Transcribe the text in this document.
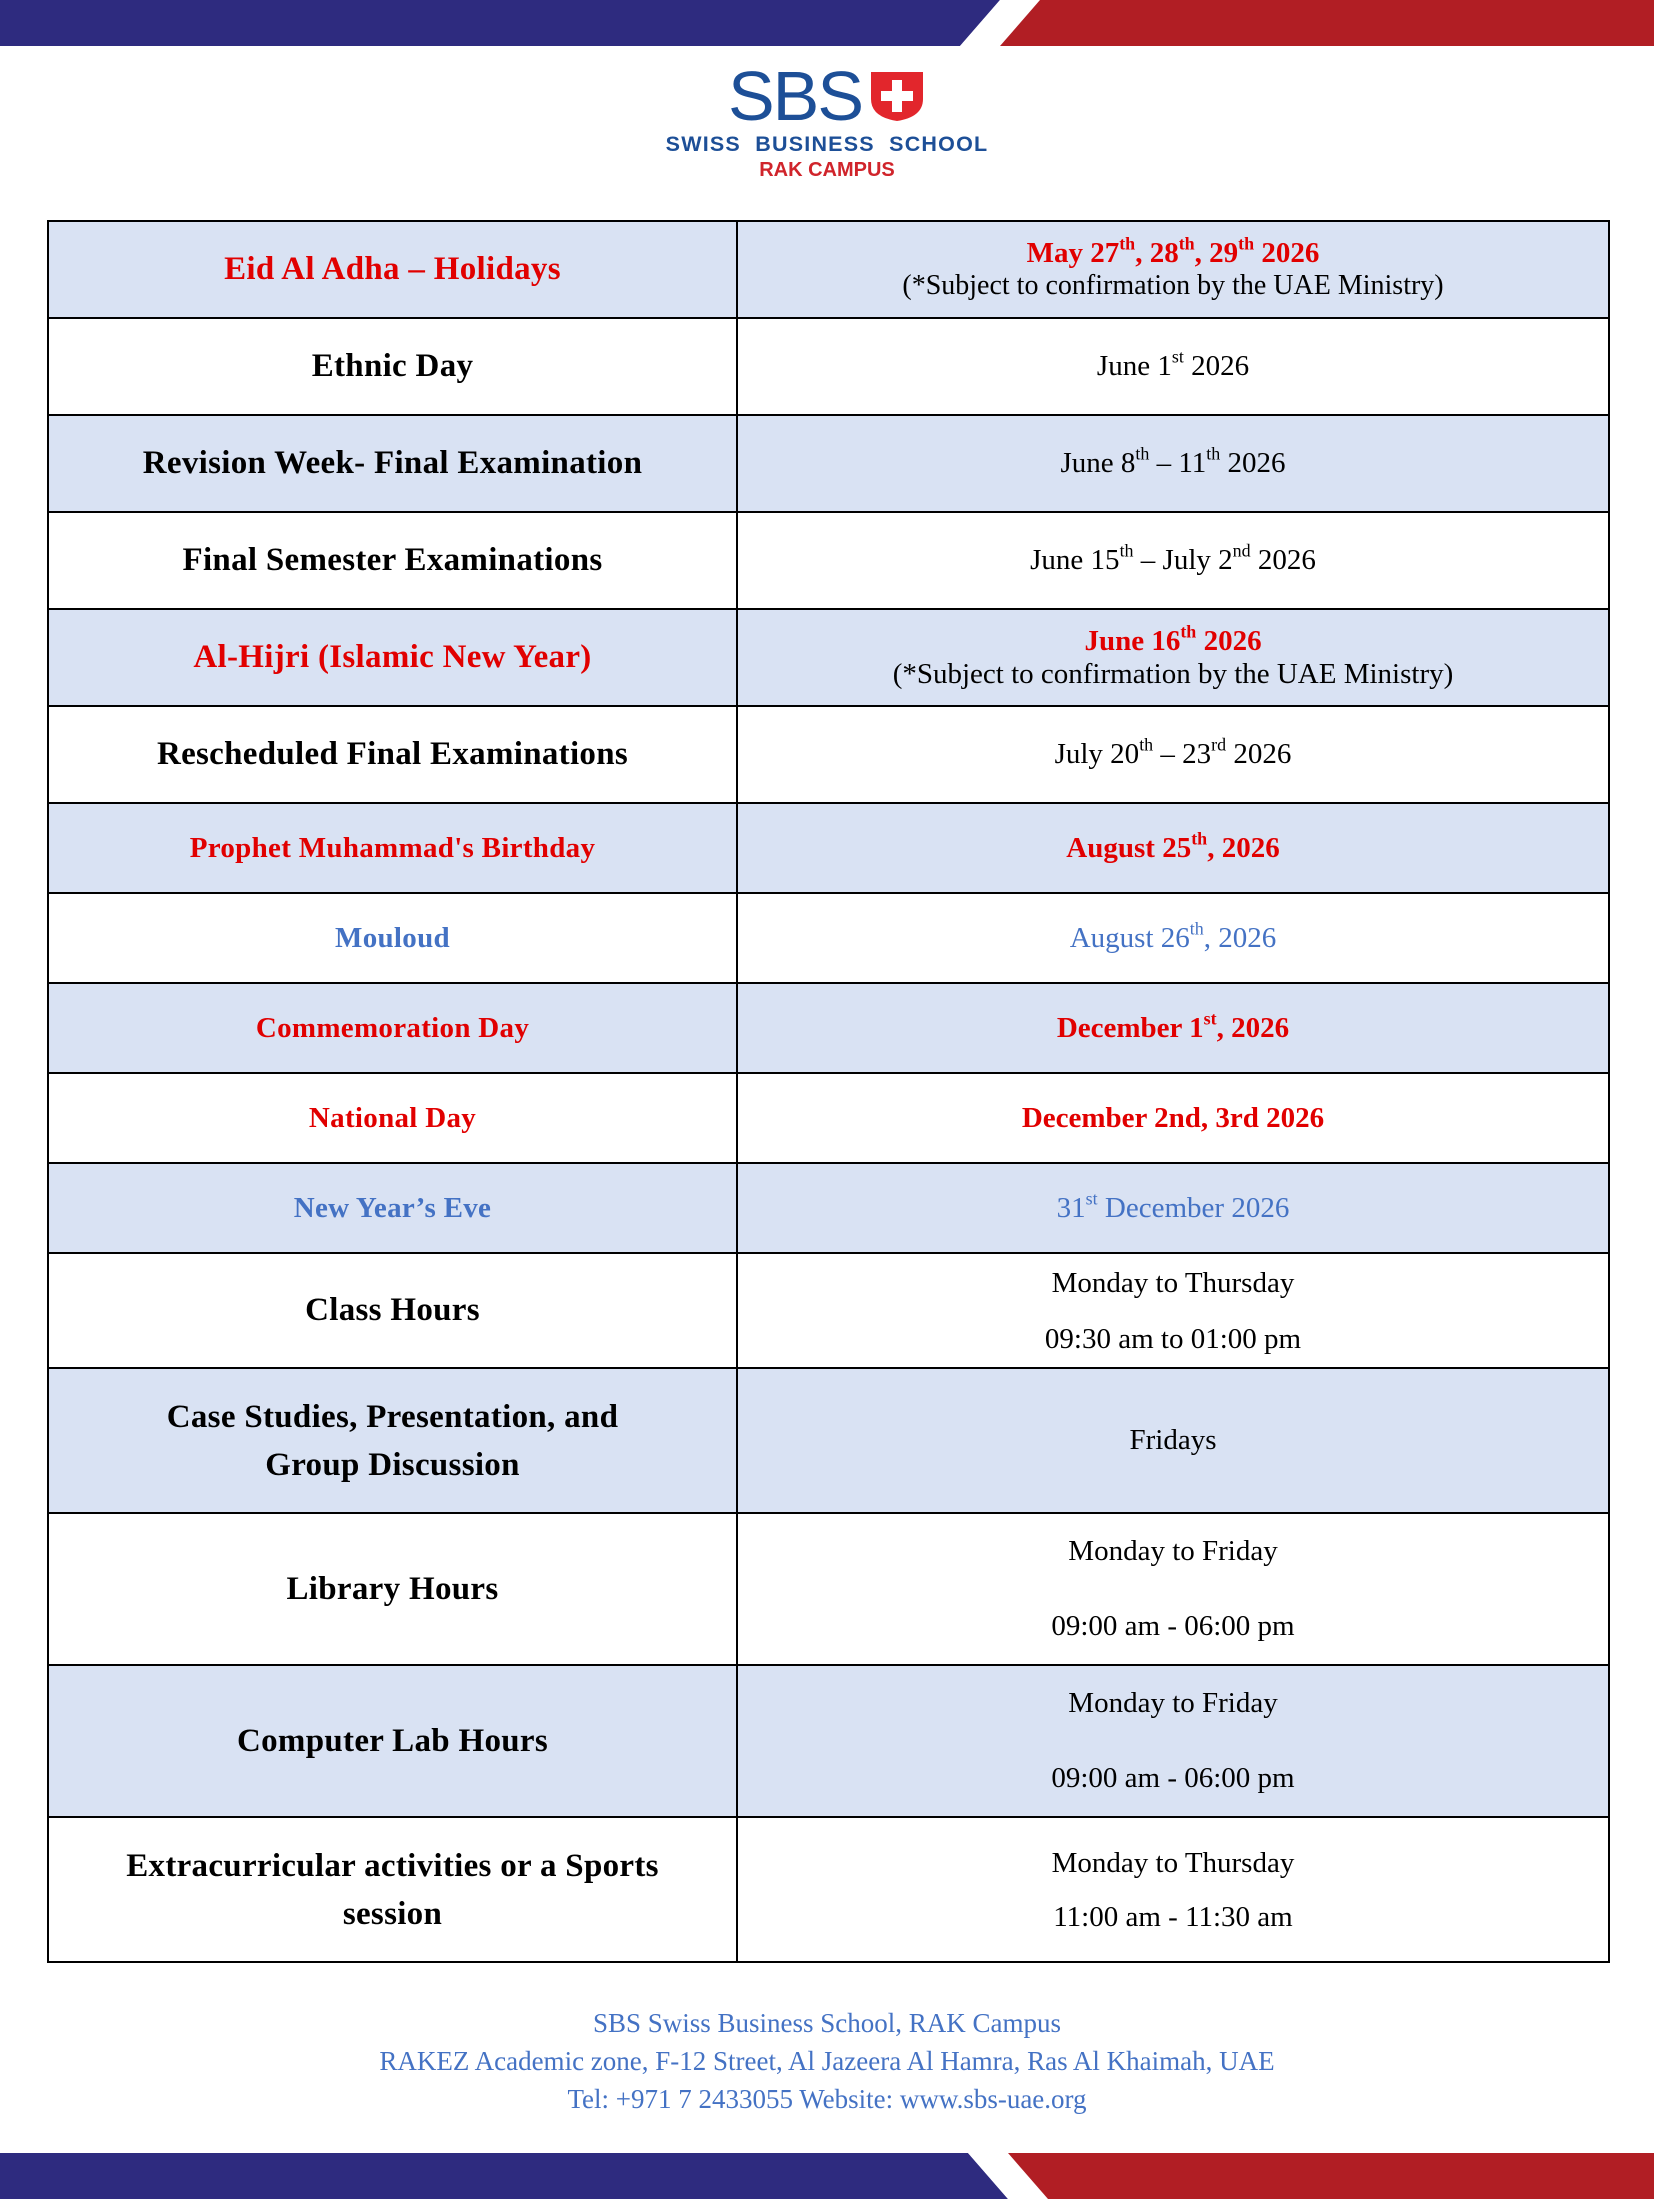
SBS
SWISS  BUSINESS  SCHOOL
RAK CAMPUS
Eid Al Adha – Holidays	May 27th, 28th, 29th 2026
(*Subject to confirmation by the UAE Ministry)

Ethnic Day	June 1st 2026
Revision Week- Final Examination	June 8th – 11th 2026
Final Semester Examinations	June 15th – July 2nd 2026
Al-Hijri (Islamic New Year)	June 16th 2026
(*Subject to confirmation by the UAE Ministry)

Rescheduled Final Examinations	July 20th – 23rd 2026
Prophet Muhammad's Birthday	August 25th, 2026
Mouloud	August 26th, 2026
Commemoration Day	December 1st, 2026
National Day	December 2nd, 3rd 2026
New Year’s Eve	31st December 2026
Class Hours	Monday to Thursday
09:30 am to 01:00 pm

Case Studies, Presentation, and
Group Discussion	Fridays
Library Hours	Monday to Friday
09:00 am - 06:00 pm

Computer Lab Hours	Monday to Friday
09:00 am - 06:00 pm

Extracurricular activities or a Sports
session	Monday to Thursday
11:00 am - 11:30 am
SBS Swiss Business School, RAK Campus
RAKEZ Academic zone, F-12 Street, Al Jazeera Al Hamra, Ras Al Khaimah, UAE
Tel: +971 7 2433055 Website: www.sbs-uae.org
